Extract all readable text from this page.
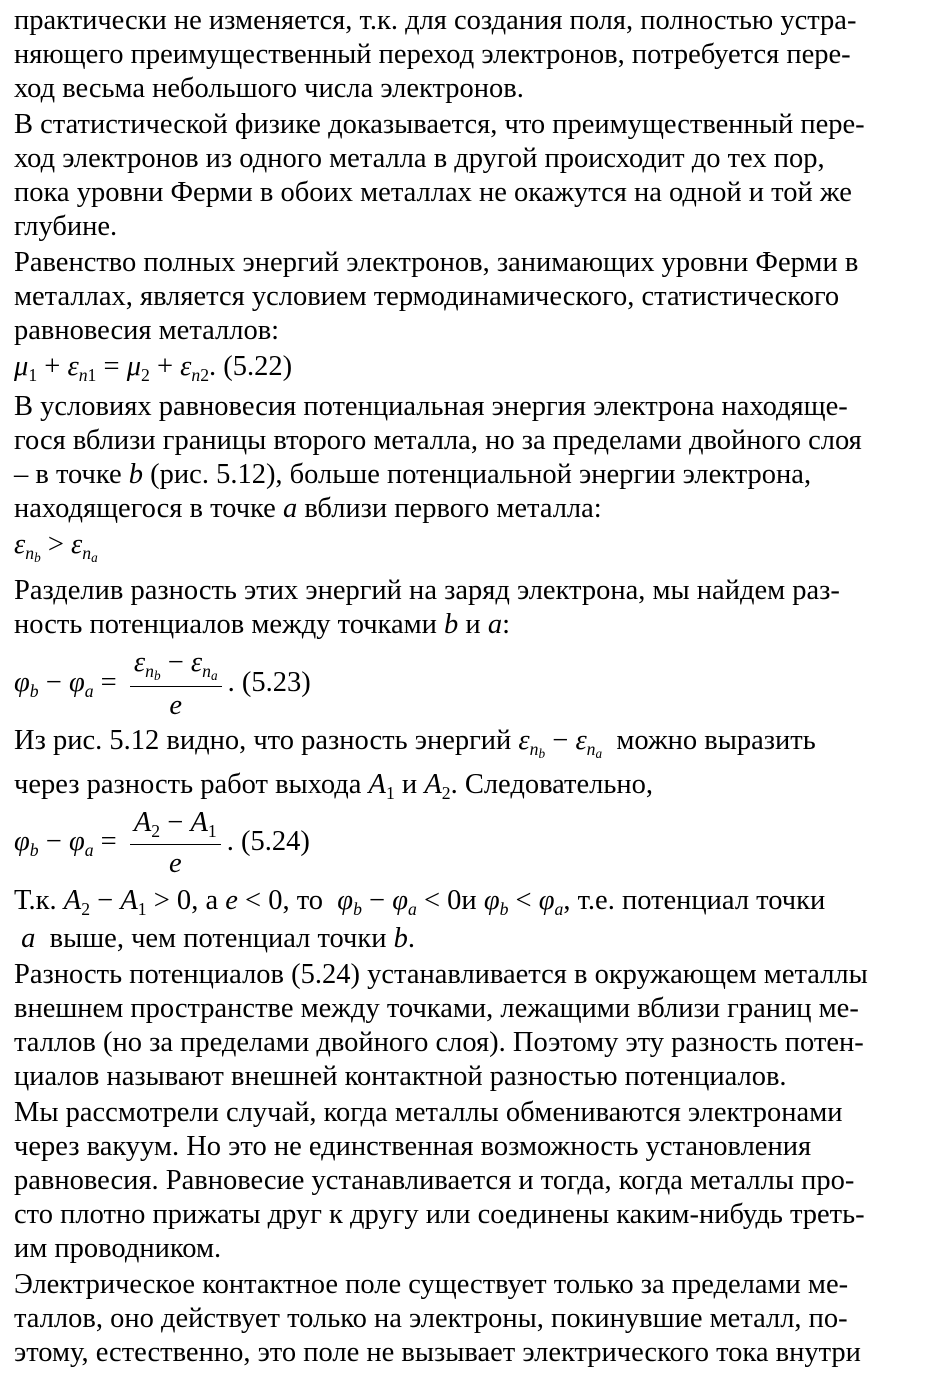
практически не изменяется, т.к. для создания поля, полностью устра-
няющего преимущественный переход электронов, потребуется пере-
ход весьма небольшого числа электронов.
В статистической физике доказывается, что преимущественный пере-
ход электронов из одного металла в другой происходит до тех пор,
пока уровни Ферми в обоих металлах не окажутся на одной и той же
глубине.
Равенство полных энергий электронов, занимающих уровни Ферми в
металлах, является условием термодинамического, статистического
равновесия металлов:
$\mu_1 + \varepsilon_{n1} = \mu_2 + \varepsilon_{n2}$. (5.22)
В условиях равновесия потенциальная энергия электрона находяще-
гося вблизи границы второго металла, но за пределами двойного слоя
– в точке b (рис. 5.12), больше потенциальной энергии электрона,
находящегося в точке a вблизи первого металла:
$\varepsilon_{nb} > \varepsilon_{na}$
Разделив разность этих энергий на заряд электрона, мы найдем раз-
ность потенциалов между точками b и a:
$\varphi_b - \varphi_a = \frac{\varepsilon_{nb} - \varepsilon_{na}}{e}$ . (5.23)
Из рис. 5.12 видно, что разность энергий $\varepsilon_{nb} - \varepsilon_{na}$ можно выразить
через разность работ выхода $A_1$ и $A_2$. Следовательно,
$\varphi_b - \varphi_a = \frac{A_2 - A_1}{e}$ . (5.24)
Т.к. $A_2 - A_1 > 0$, а e < 0, то $\varphi_b - \varphi_a < 0и$ $\varphi_b < \varphi_a$, т.е. потенциал точки
a выше, чем потенциал точки b.
Разность потенциалов (5.24) устанавливается в окружающем металлы
внешнем пространстве между точками, лежащими вблизи границ ме-
таллов (но за пределами двойного слоя). Поэтому эту разность потен-
циалов называют внешней контактной разностью потенциалов.
Мы рассмотрели случай, когда металлы обмениваются электронами
через вакуум. Но это не единственная возможность установления
равновесия. Равновесие устанавливается и тогда, когда металлы про-
сто плотно прижаты друг к другу или соединены каким-нибудь треть-
им проводником.
Электрическое контактное поле существует только за пределами ме-
таллов, оно действует только на электроны, покинувшие металл, по-
этому, естественно, это поле не вызывает электрического тока внутри
